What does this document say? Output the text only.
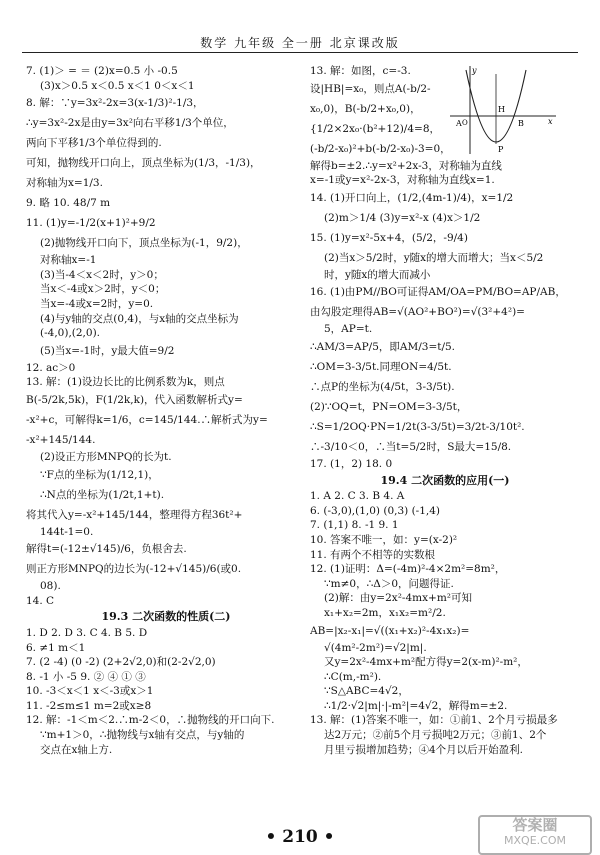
数学 九年级 全一册 北京课改版
7. (1)＞ = ＝ (2)x=0.5 小 -0.5
(3)x＞0.5 x＜0.5 x＜1 0＜x＜1
8. 解：∵y=3x²-2x=3(x-1/3)²-1/3，
∴y=3x²-2x是由y=3x²向右平移1/3个单位，
两向下平移1/3个单位得到的.
可知，抛物线开口向上，顶点坐标为(1/3，-1/3)，
对称轴为x=1/3.
9. 略 10. 48/7 m
11. (1)y=-1/2(x+1)²+9/2
(2)抛物线开口向下，顶点坐标为(-1，9/2)，
对称轴x=-1
(3)当-4＜x＜2时，y＞0；
当x＜-4或x＞2时，y＜0；
当x=-4或x=2时，y=0.
(4)与y轴的交点(0,4)，与x轴的交点坐标为
(-4,0),(2,0).
(5)当x=-1时，y最大值=9/2
12. ac＞0
13. 解：(1)设边长比的比例系数为k，则点
B(-5/2k,5k)，F(1/2k,k)，代入函数解析式y=
-x²+c，可解得k=1/6，c=145/144.∴解析式为y=
-x²+145/144.
(2)设正方形MNPQ的长为t.
∵F点的坐标为(1/12,1)，
∴N点的坐标为(1/2t,1+t).
将其代入y=-x²+145/144，整理得方程36t²+
144t-1=0.
解得t=(-12±√145)/6，负根舍去.
则正方形MNPQ的边长为(-12+√145)/6(或0.
08).
14. C
19.3 二次函数的性质(二)
1. D 2. D 3. C 4. B 5. D
6. ≠1 m＜1
7. (2 -4) (0 -2) (2+2√2,0)和(2-2√2,0)
8. -1 小 -5 9. ② ④ ① ③
10. -3＜x＜1 x＜-3或x＞1
11. -2≤m≤1 m=2或x≥8
12. 解：-1＜m＜2.∴m-2＜0，∴抛物线的开口向下.
∵m+1＞0，∴抛物线与x轴有交点，与y轴的
交点在x轴上方.
13. 解：如图，c=-3.
设|HB|=x₀，则点A(-b/2-
x₀,0)，B(-b/2+x₀,0)，
{1/2×2x₀·(b²+12)/4=8，
(-b/2-x₀)²+b(-b/2-x₀)-3=0，
解得b=±2.∴y=x²+2x-3，对称轴为直线
x=-1或y=x²-2x-3，对称轴为直线x=1.
14. (1)开口向上，(1/2,(4m-1)/4)，x=1/2
(2)m＞1/4 (3)y=x²-x (4)x＞1/2
15. (1)y=x²-5x+4，(5/2，-9/4)
(2)当x＞5/2时，y随x的增大而增大；当x＜5/2
时，y随x的增大而减小
16. (1)由PM//BO可证得AM/OA=PM/BO=AP/AB，
由勾股定理得AB=√(AO²+BO²)=√(3²+4²)=
5，AP=t.
∴AM/3=AP/5，即AM/3=t/5.
∴OM=3-3/5t.同理ON=4/5t.
∴点P的坐标为(4/5t，3-3/5t).
(2)∵OQ=t，PN=OM=3-3/5t，
∴S=1/2OQ·PN=1/2t(3-3/5t)=3/2t-3/10t².
∴-3/10＜0，∴当t=5/2时，S最大=15/8.
17. (1，2) 18. 0
19.4 二次函数的应用(一)
1. A 2. C 3. B 4. A
6. (-3,0),(1,0) (0,3) (-1,4)
7. (1,1) 8. -1 9. 1
10. 答案不唯一，如：y=(x-2)²
11. 有两个不相等的实数根
12. (1)证明：Δ=(-4m)²-4×2m²=8m²，
∵m≠0，∴Δ＞0，问题得证.
(2)解：由y=2x²-4mx+m²可知
x₁+x₂=2m，x₁x₂=m²/2.
AB=|x₂-x₁|=√((x₁+x₂)²-4x₁x₂)=
√(4m²-2m²)=√2|m|.
又y=2x²-4mx+m²配方得y=2(x-m)²-m²，
∴C(m,-m²).
∵S△ABC=4√2，
∴1/2·√2|m|·|-m²|=4√2，解得m=±2.
13. 解：(1)答案不唯一，如：①前1、2个月亏损最多
达2万元；②前5个月亏损吨2万元；③前1、2个
月里亏损增加趋势；④4个月以后开始盈利.
y
x
H
A	B
O
P
• 210 •
答案圈
MXQE.COM
